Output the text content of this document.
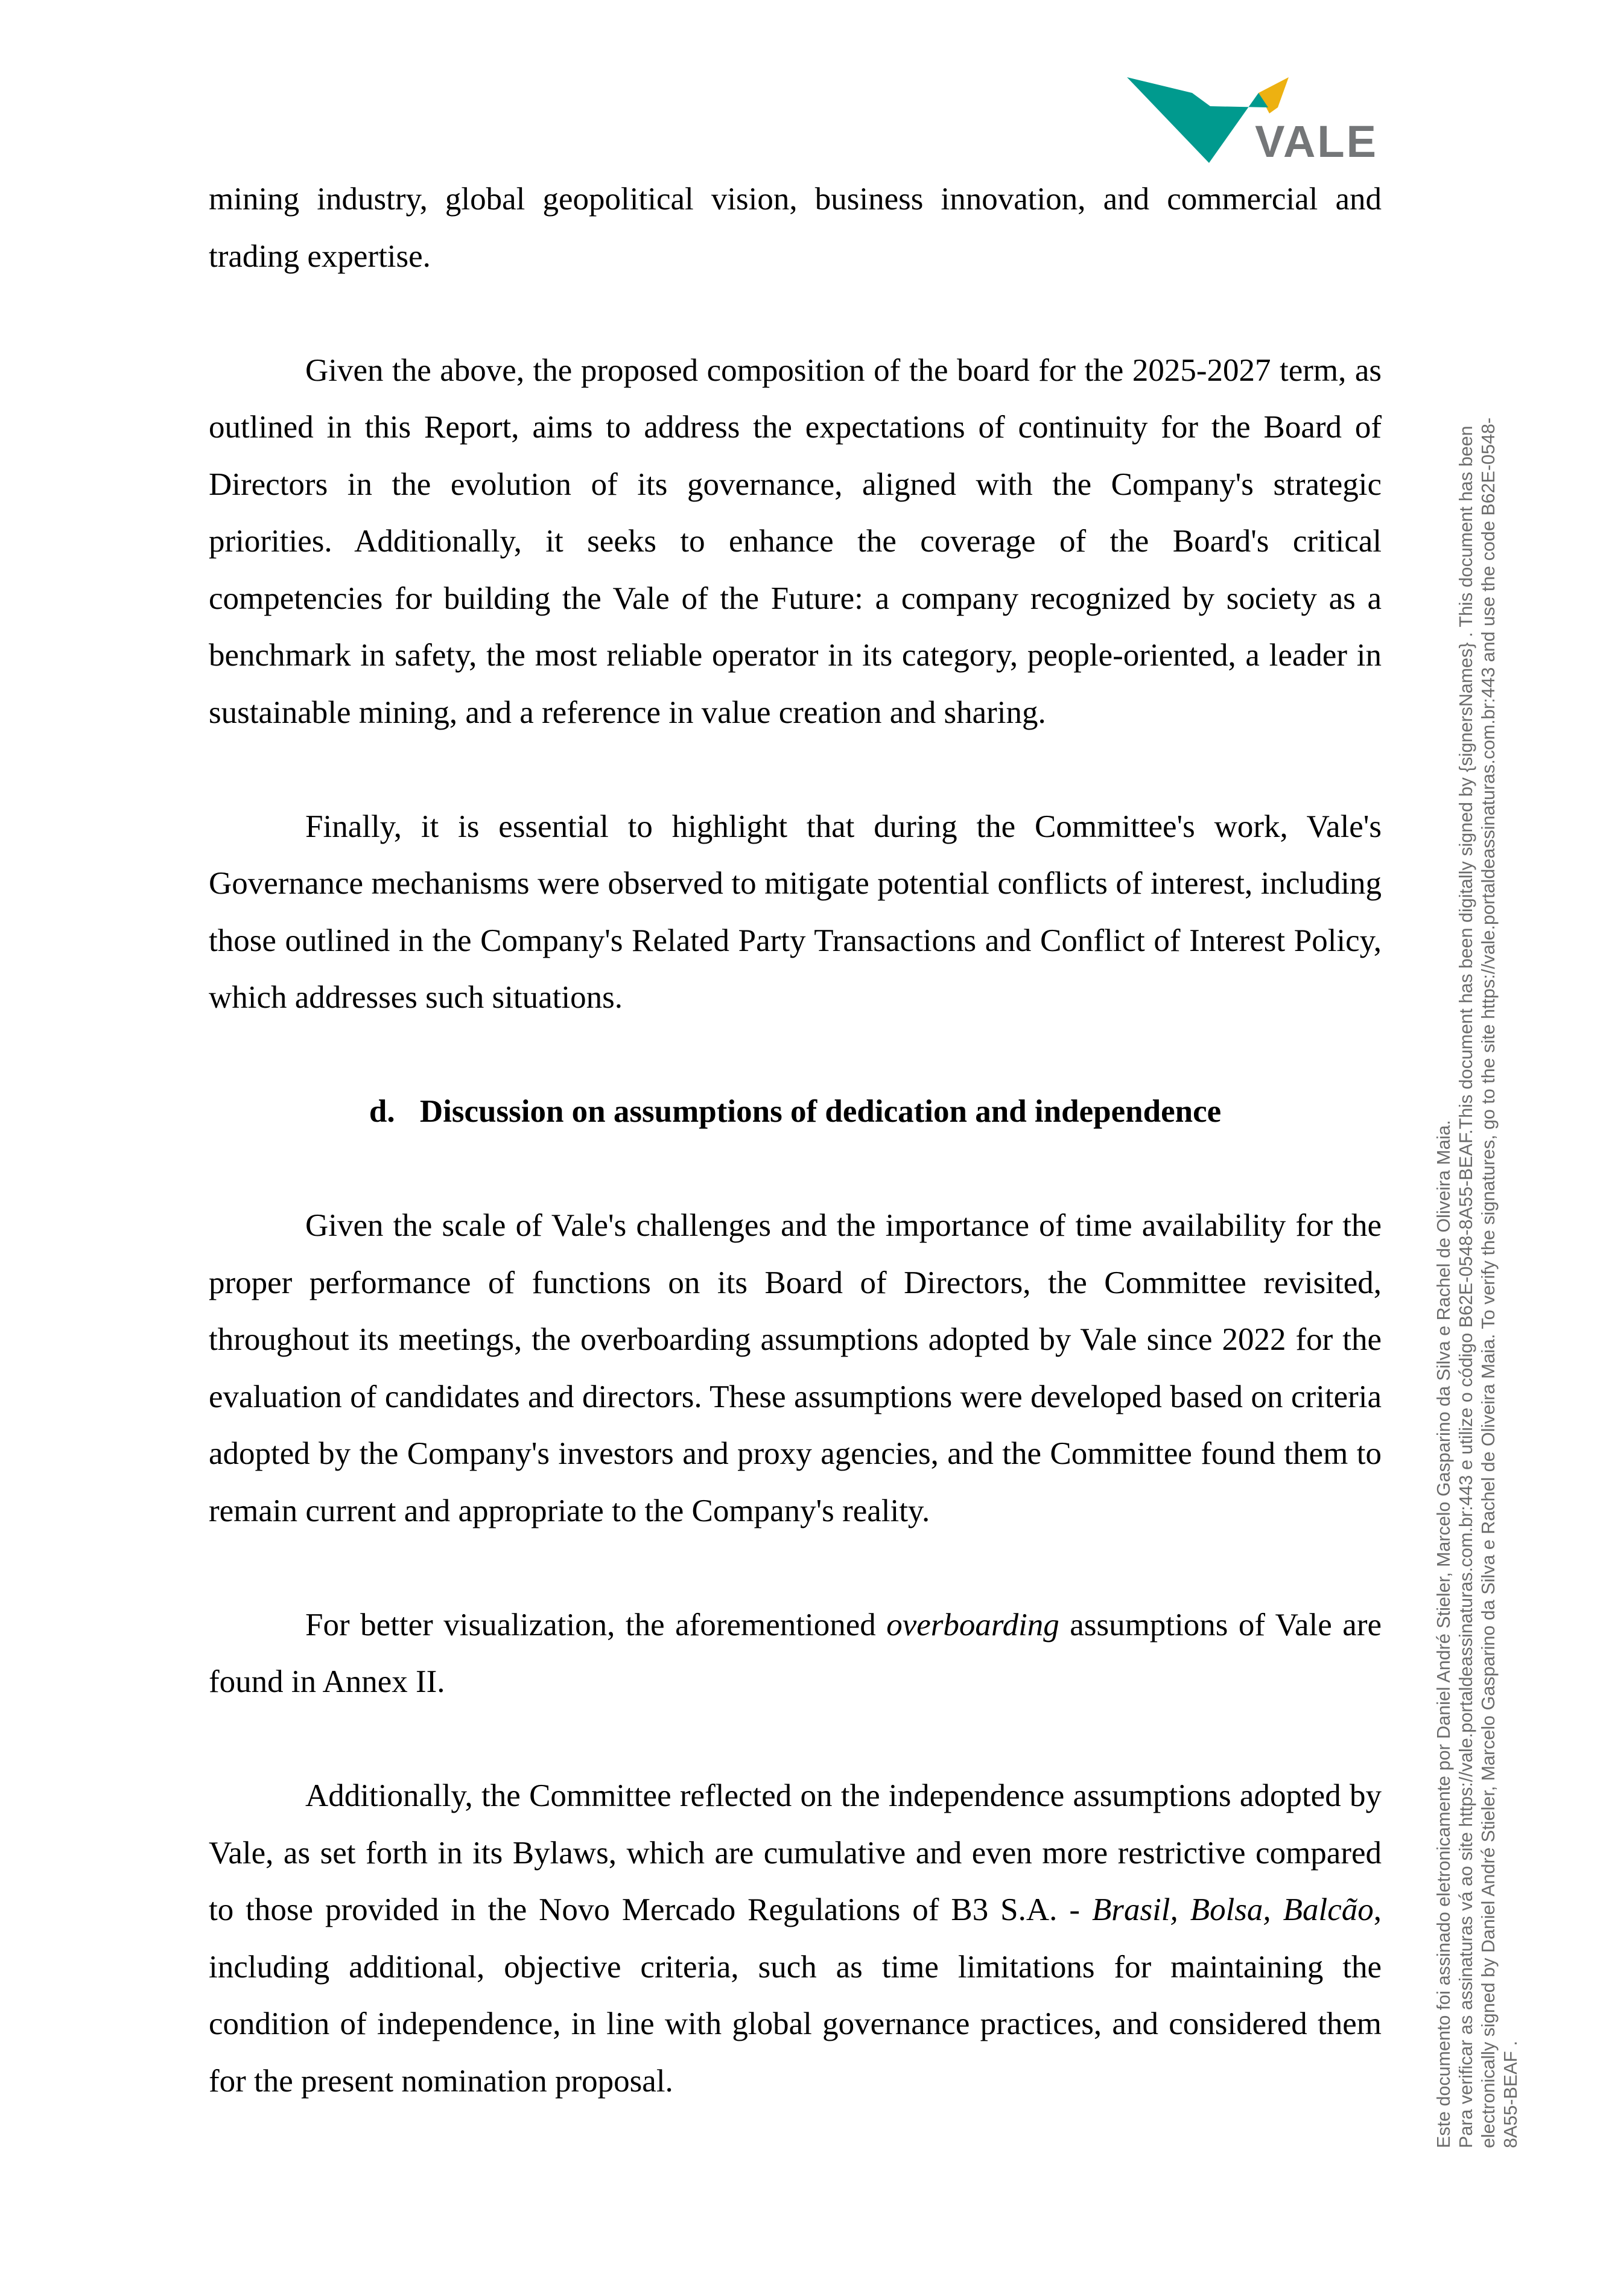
VALE

mining industry, global geopolitical vision, business innovation, and commercial and trading expertise.

Given the above, the proposed composition of the board for the 2025-2027 term, as outlined in this Report, aims to address the expectations of continuity for the Board of Directors in the evolution of its governance, aligned with the Company's strategic priorities. Additionally, it seeks to enhance the coverage of the Board's critical competencies for building the Vale of the Future: a company recognized by society as a benchmark in safety, the most reliable operator in its category, people-oriented, a leader in sustainable mining, and a reference in value creation and sharing.

Finally, it is essential to highlight that during the Committee's work, Vale's Governance mechanisms were observed to mitigate potential conflicts of interest, including those outlined in the Company's Related Party Transactions and Conflict of Interest Policy, which addresses such situations.

d. Discussion on assumptions of dedication and independence

Given the scale of Vale's challenges and the importance of time availability for the proper performance of functions on its Board of Directors, the Committee revisited, throughout its meetings, the overboarding assumptions adopted by Vale since 2022 for the evaluation of candidates and directors. These assumptions were developed based on criteria adopted by the Company's investors and proxy agencies, and the Committee found them to remain current and appropriate to the Company's reality.

For better visualization, the aforementioned overboarding assumptions of Vale are found in Annex II.

Additionally, the Committee reflected on the independence assumptions adopted by Vale, as set forth in its Bylaws, which are cumulative and even more restrictive compared to those provided in the Novo Mercado Regulations of B3 S.A. - Brasil, Bolsa, Balcão, including additional, objective criteria, such as time limitations for maintaining the condition of independence, in line with global governance practices, and considered them for the present nomination proposal.	Este documento foi assinado eletronicamente por Daniel André Stieler, Marcelo Gasparino da Silva e Rachel de Oliveira Maia. Para verificar as assinaturas vá ao site https://vale.portaldeassinaturas.com.br:443 e utilize o código B62E-0548-8A55-BEAF.This document has been digitally signed by {signersNames} . This document has been electronically signed by Daniel André Stieler, Marcelo Gasparino da Silva e Rachel de Oliveira Maia. To verify the signatures, go to the site https://vale.portaldeassinaturas.com.br:443 and use the code B62E-0548- 8A55-BEAF .
